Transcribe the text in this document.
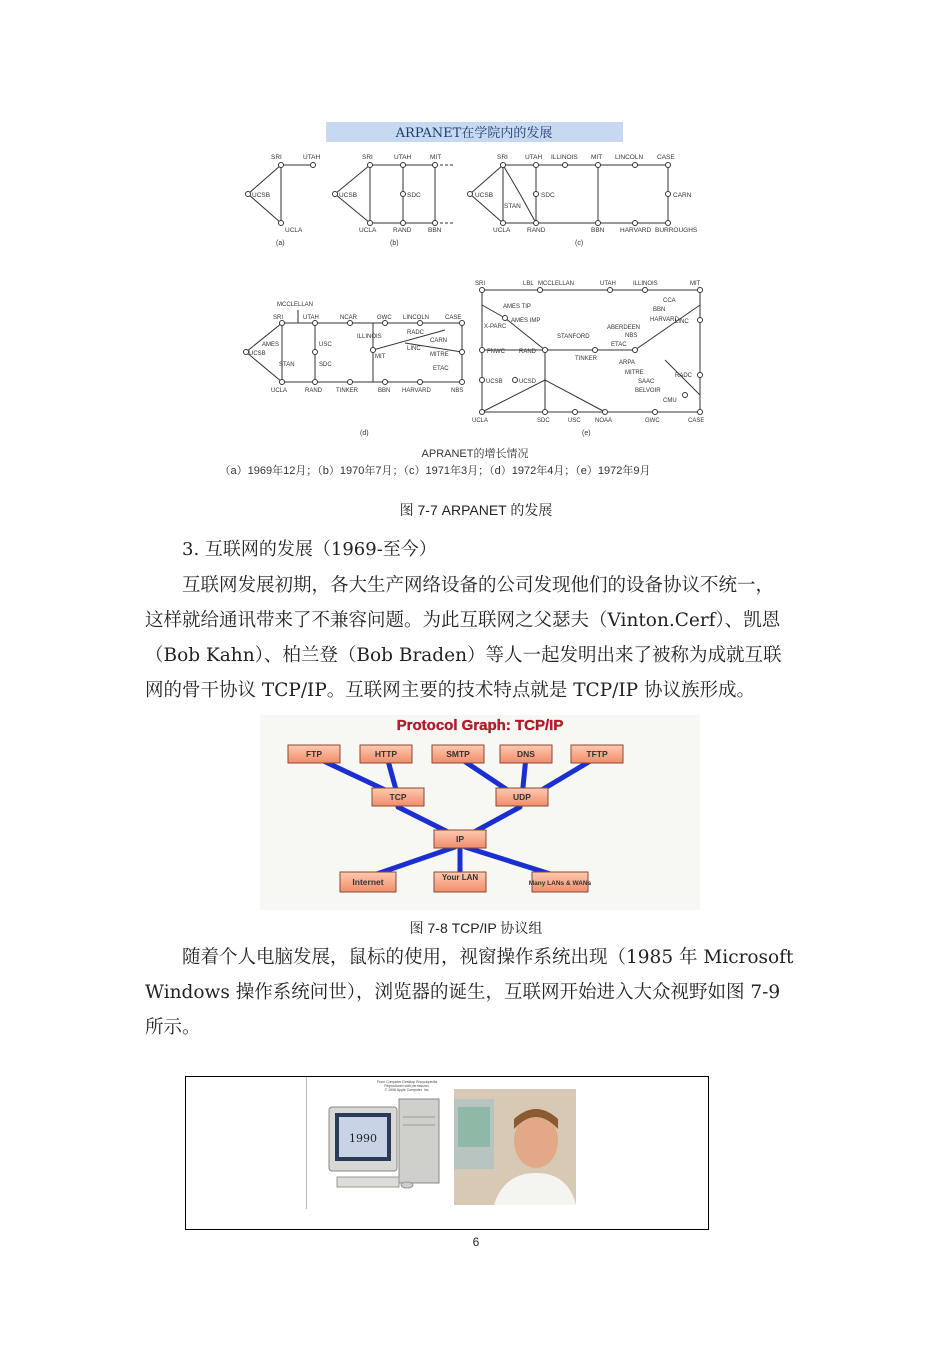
ARPANET在学院内的发展
SRI	UTAH
UCSB
UCLA
(a)
SRI	UTAH	MIT
UCSB	SDC
UCLA	RAND	BBN
(b)
SRI	UTAH ILLINOIS MIT LINCOLN CASE
UCSB	SDC
STAN
CARN
UCLA	RAND	BBN HARVARD BURROUGHS
(c)
MCCLELLAN
SRI	UTAH	NCAR	GWC LINCOLN	CASE
ILLINOIS
RADC
CARN
AMES	USC
LINC
UCSB	MIT	MITRE
STAN	SDC
ETAC
UCLA	RAND TINKER	BBN HARVARD	NBS
(d)
SRI	LBL MCCLELLAN	UTAH	ILLINOIS	MIT
AMES TIP
CCA
BBN
AMES IMP	HARVARD
LINC
X-PARC	ABERDEEN
STANFORD	NBS
FNWC RAND
ETAC
TINKER
ARPA
MITRE	RADC
UCSB	UCSD	SAAC
BELVOIR
CMU
UCLA	SDC	USC NOAA	GWC	CASE
(e)
APRANET的增长情况
（a）1969年12月；（b）1970年7月；（c）1971年3月；（d）1972年4月；（e）1972年9月
图 7-7 ARPANET 的发展
3. 互联网的发展（1969-至今）
互联网发展初期，各大生产网络设备的公司发现他们的设备协议不统一，
这样就给通讯带来了不兼容问题。为此互联网之父瑟夫（Vinton.Cerf）、凯恩
（Bob Kahn）、柏兰登（Bob Braden）等人一起发明出来了被称为成就互联
网的骨干协议 TCP/IP。互联网主要的技术特点就是 TCP/IP 协议族形成。
Protocol Graph: TCP/IP
FTP	HTTP	SMTP	DNS	TFTP
TCP	UDP
IP
Internet	Many LANs & WANs
Your LAN
图 7-8 TCP/IP 协议组
随着个人电脑发展，鼠标的使用，视窗操作系统出现（1985 年 Microsoft
Windows 操作系统问世），浏览器的诞生，互联网开始进入大众视野如图 7-9
所示。
From Computer Desktop Encyclopedia
Reproduced with permission.
© 1996 Apple Computer, Inc.
1990
6
